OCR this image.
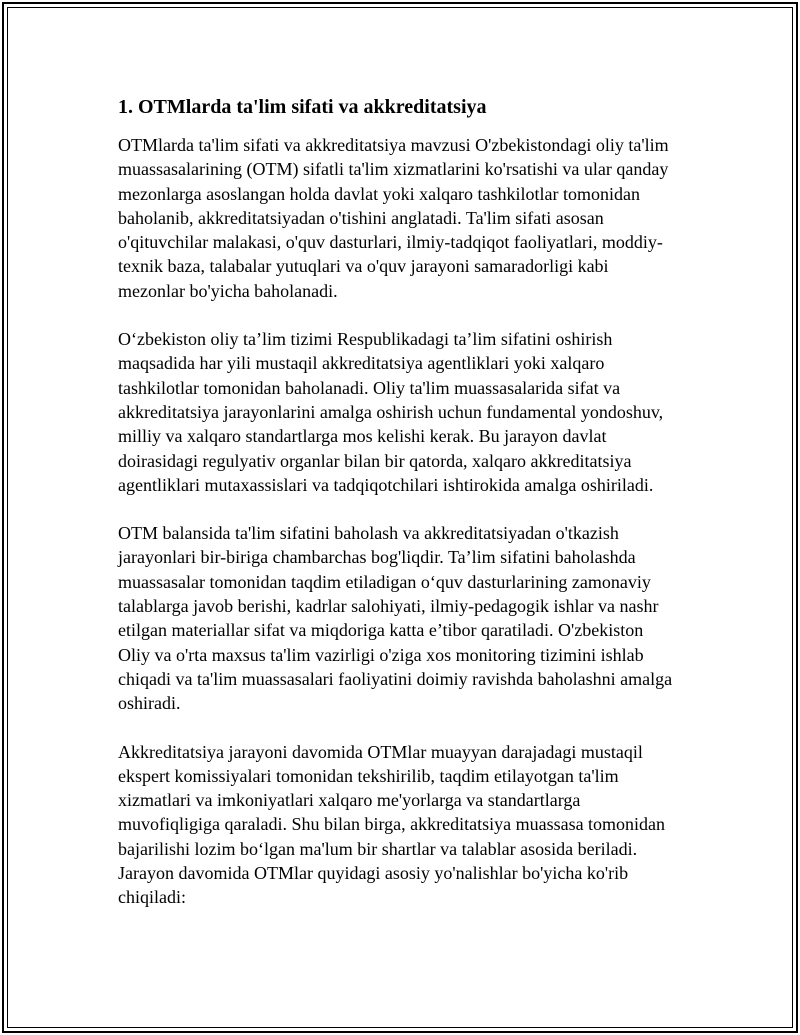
1. OTMlarda ta'lim sifati va akkreditatsiya

OTMlarda ta'lim sifati va akkreditatsiya mavzusi O'zbekistondagi oliy ta'lim
muassasalarining (OTM) sifatli ta'lim xizmatlarini ko'rsatishi va ular qanday
mezonlarga asoslangan holda davlat yoki xalqaro tashkilotlar tomonidan
baholanib, akkreditatsiyadan o'tishini anglatadi. Ta'lim sifati asosan
o'qituvchilar malakasi, o'quv dasturlari, ilmiy-tadqiqot faoliyatlari, moddiy-
texnik baza, talabalar yutuqlari va o'quv jarayoni samaradorligi kabi
mezonlar bo'yicha baholanadi.

O‘zbekiston oliy ta’lim tizimi Respublikadagi ta’lim sifatini oshirish
maqsadida har yili mustaqil akkreditatsiya agentliklari yoki xalqaro
tashkilotlar tomonidan baholanadi. Oliy ta'lim muassasalarida sifat va
akkreditatsiya jarayonlarini amalga oshirish uchun fundamental yondoshuv,
milliy va xalqaro standartlarga mos kelishi kerak. Bu jarayon davlat
doirasidagi regulyativ organlar bilan bir qatorda, xalqaro akkreditatsiya
agentliklari mutaxassislari va tadqiqotchilari ishtirokida amalga oshiriladi.

OTM balansida ta'lim sifatini baholash va akkreditatsiyadan o'tkazish
jarayonlari bir-biriga chambarchas bog'liqdir. Ta’lim sifatini baholashda
muassasalar tomonidan taqdim etiladigan o‘quv dasturlarining zamonaviy
talablarga javob berishi, kadrlar salohiyati, ilmiy-pedagogik ishlar va nashr
etilgan materiallar sifat va miqdoriga katta e’tibor qaratiladi. O'zbekiston
Oliy va o'rta maxsus ta'lim vazirligi o'ziga xos monitoring tizimini ishlab
chiqadi va ta'lim muassasalari faoliyatini doimiy ravishda baholashni amalga
oshiradi.

Akkreditatsiya jarayoni davomida OTMlar muayyan darajadagi mustaqil
ekspert komissiyalari tomonidan tekshirilib, taqdim etilayotgan ta'lim
xizmatlari va imkoniyatlari xalqaro me'yorlarga va standartlarga
muvofiqligiga qaraladi. Shu bilan birga, akkreditatsiya muassasa tomonidan
bajarilishi lozim bo‘lgan ma'lum bir shartlar va talablar asosida beriladi.
Jarayon davomida OTMlar quyidagi asosiy yo'nalishlar bo'yicha ko'rib
chiqiladi:
